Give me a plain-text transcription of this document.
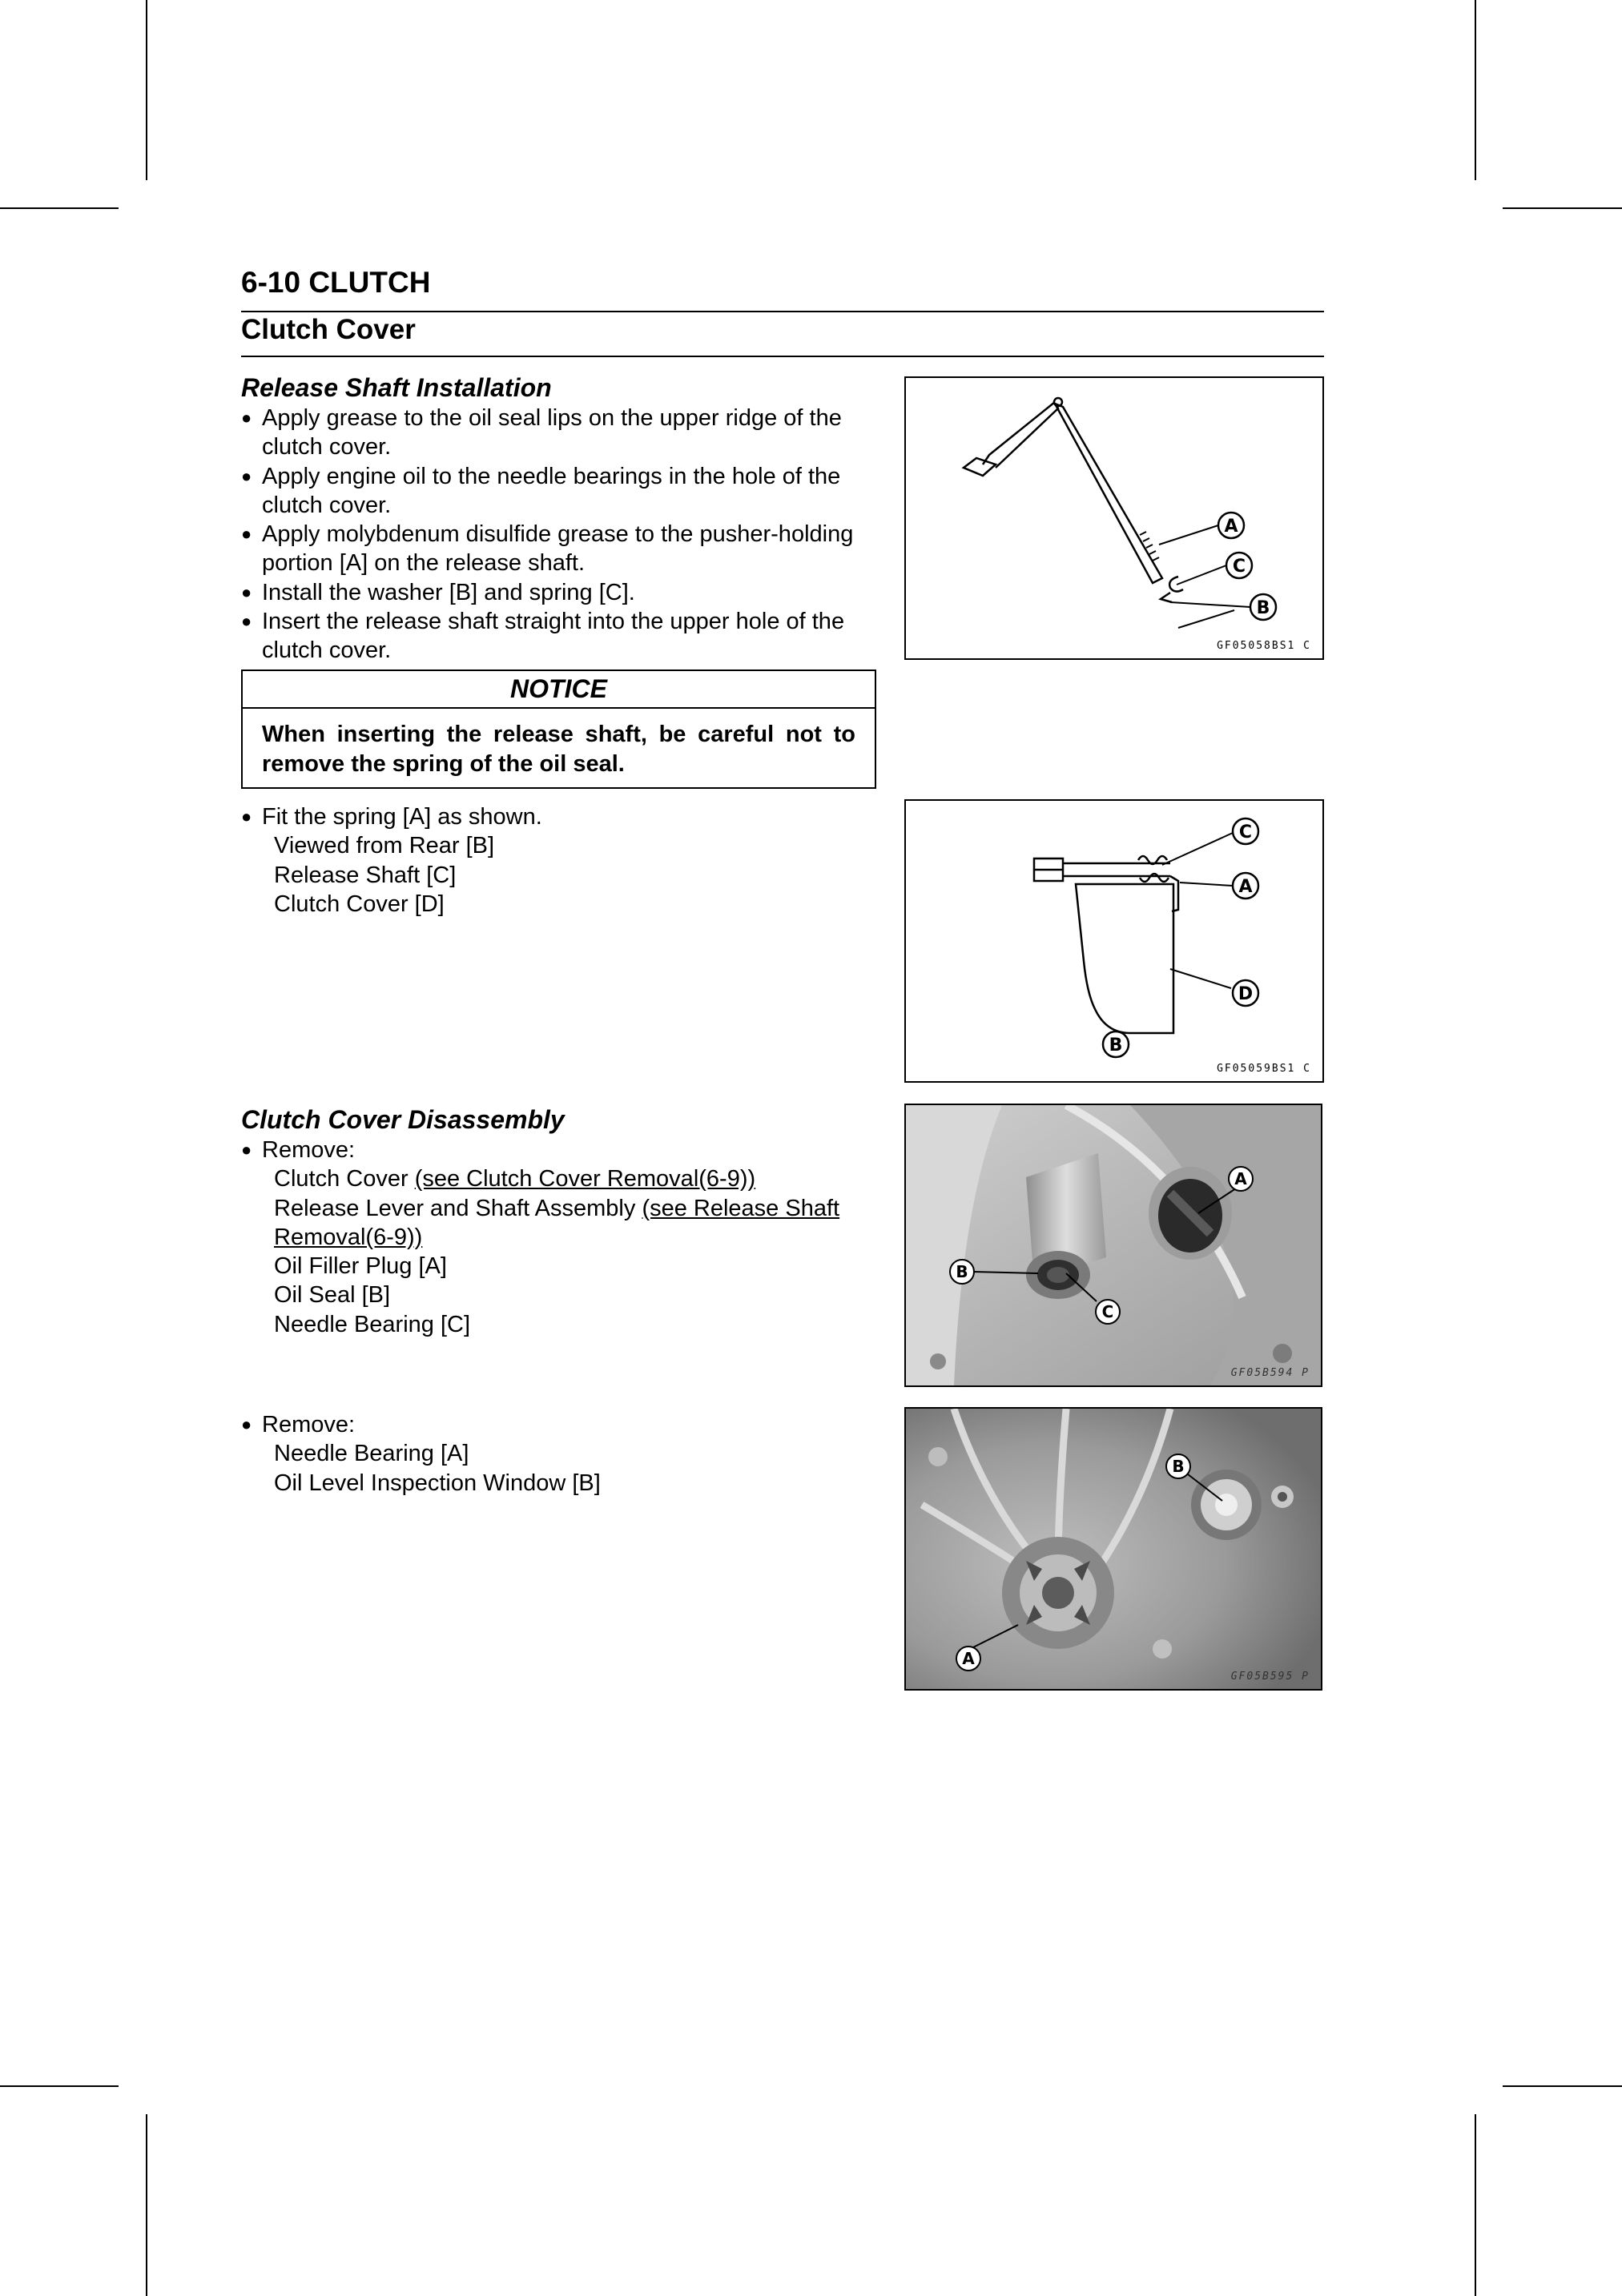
6-10 CLUTCH
Clutch Cover
Release Shaft Installation
● Apply grease to the oil seal lips on the upper ridge of the clutch cover.
● Apply engine oil to the needle bearings in the hole of the clutch cover.
● Apply molybdenum disulfide grease to the pusher-holding portion [A] on the release shaft.
● Install the washer [B] and spring [C].
● Insert the release shaft straight into the upper hole of the clutch cover.
A
C
B
GF05058BS1 C
NOTICE
When inserting the release shaft, be careful not to remove the spring of the oil seal.
● Fit the spring [A] as shown.
Viewed from Rear [B]
Release Shaft [C]
Clutch Cover [D]
C
A
D
B
GF05059BS1 C
Clutch Cover Disassembly
● Remove:
Clutch Cover (see Clutch Cover Removal(6-9))
Release Lever and Shaft Assembly (see Release Shaft
Removal(6-9))
Oil Filler Plug [A]
Oil Seal [B]
Needle Bearing [C]
B
C
A
GF05B594 P
● Remove:
Needle Bearing [A]
Oil Level Inspection Window [B]
B
A
GF05B595 P
